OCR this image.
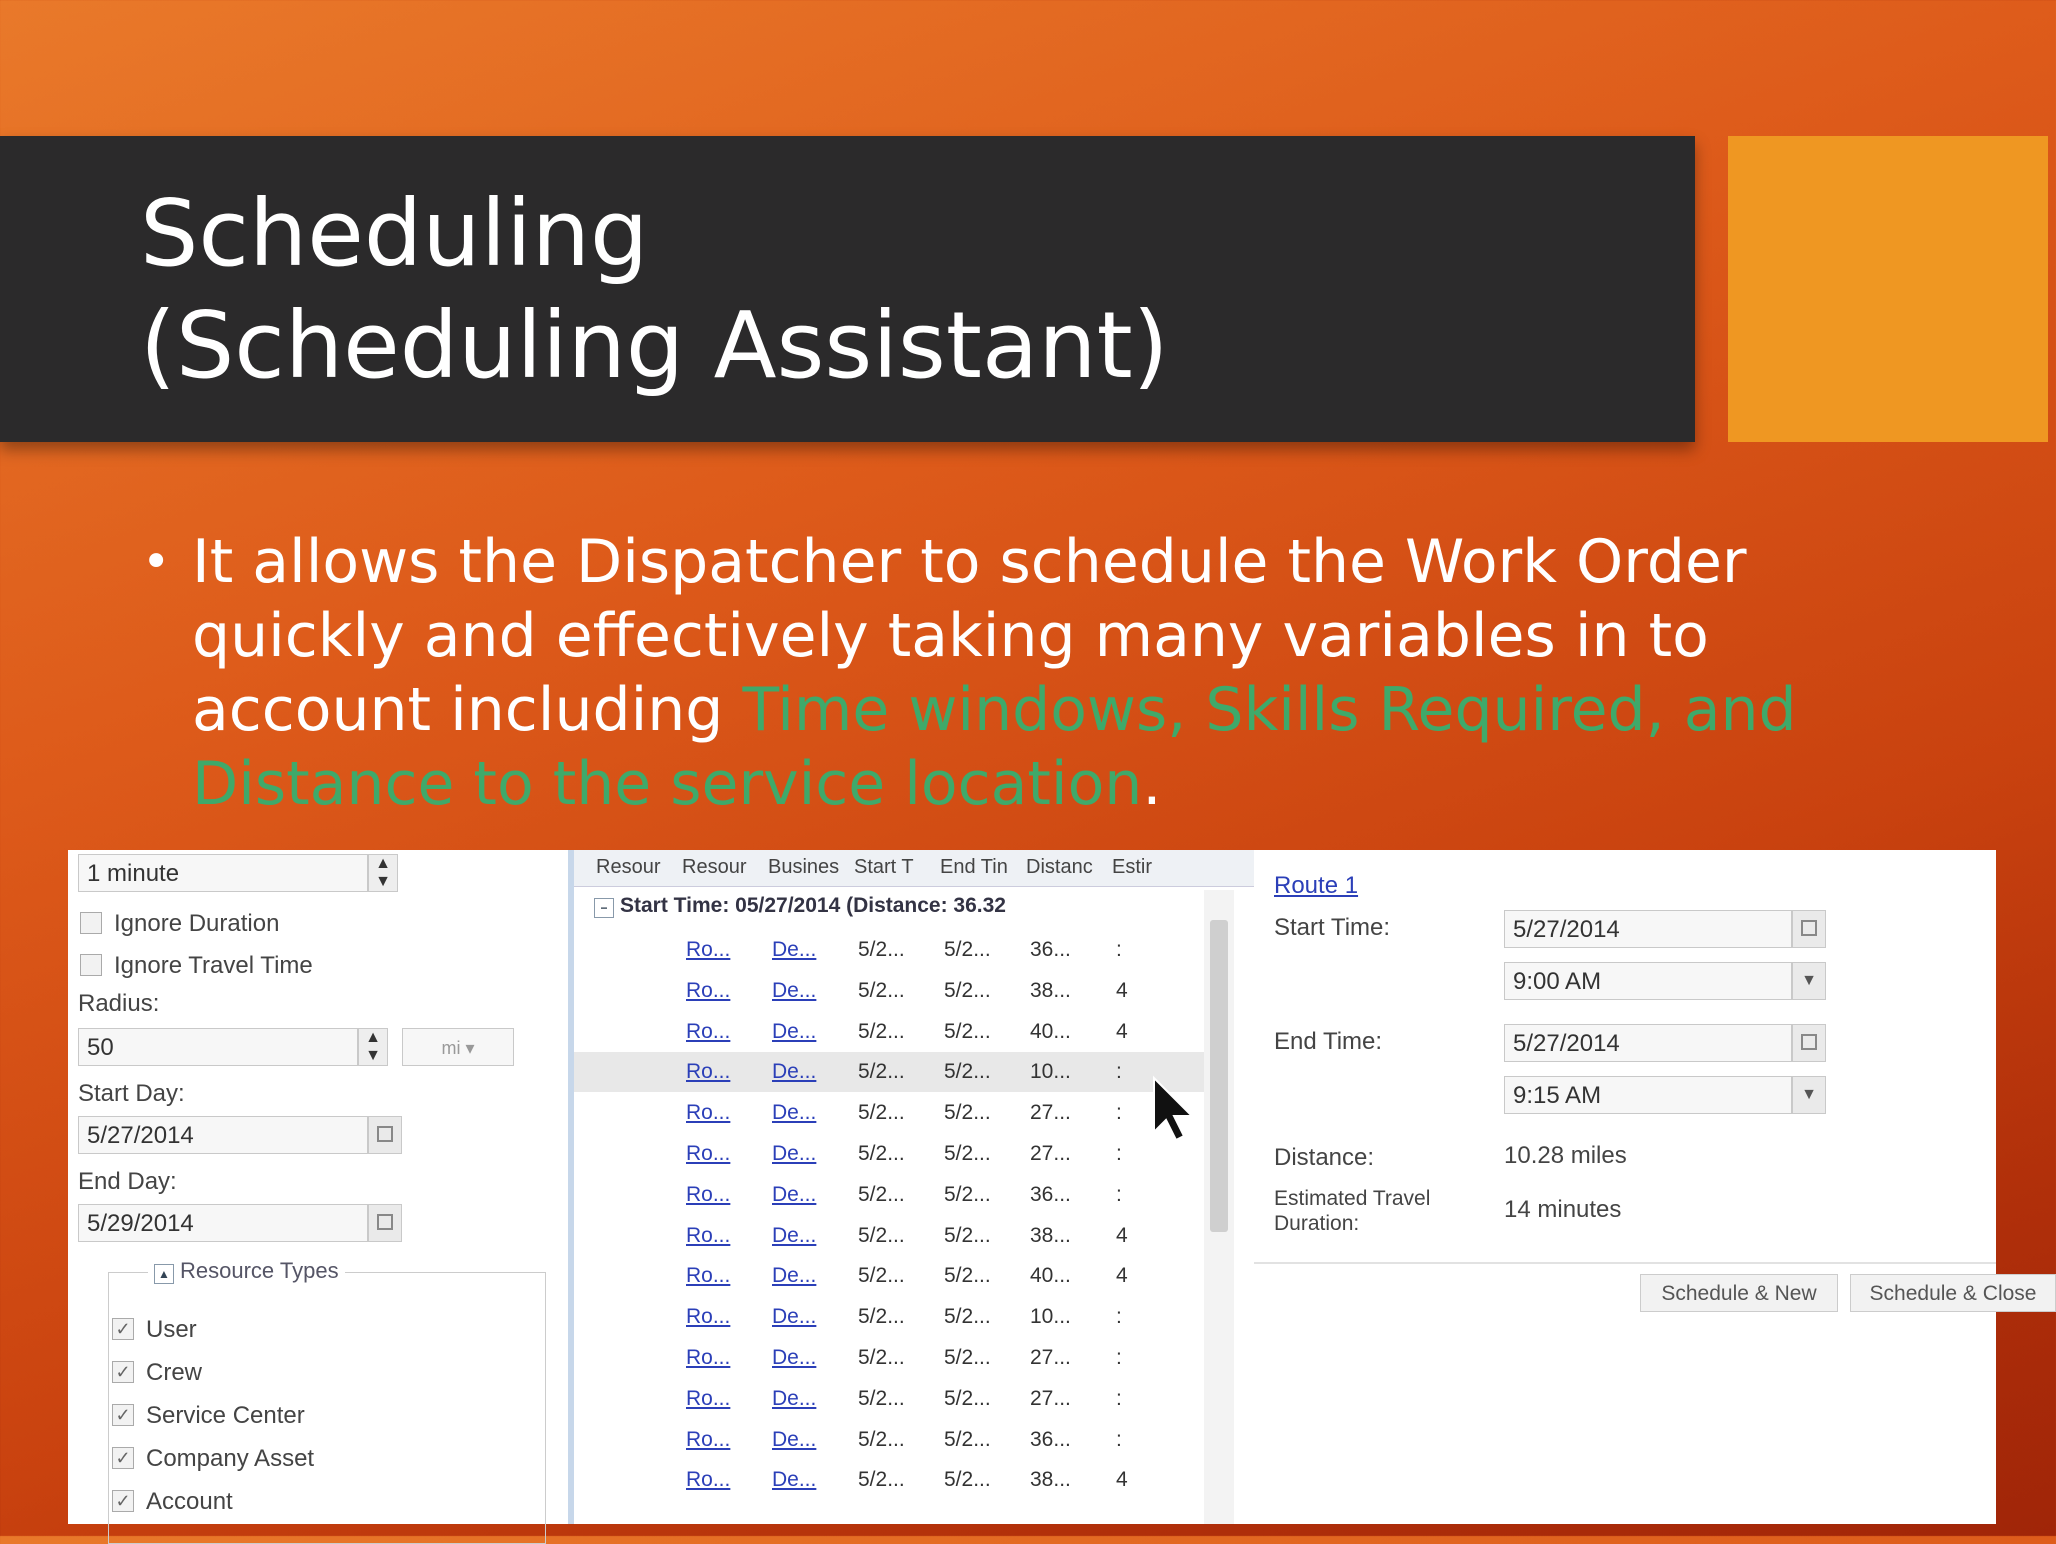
Scheduling
(Scheduling Assistant)
• It allows the Dispatcher to schedule the Work Order quickly and effectively taking many variables in to account including Time windows, Skills Required, and Distance to the service location.
1 minute	▲
▼
Ignore Duration
Ignore Travel Time
Radius:
50	▲
▼	mi ▾
Start Day:
5/27/2014
End Day:
5/29/2014
▲ Resource Types
✓ User
✓ Crew
✓ Service Center
✓ Company Asset
✓ Account
Resour Resour Busines Start T End Tin Distanc Estir
− Start Time: 05/27/2014 (Distance: 36.32
Ro... De... 5/2... 5/2... 36... :
Ro... De... 5/2... 5/2... 38... 4
Ro... De... 5/2... 5/2... 40... 4
Ro... De... 5/2... 5/2... 10... :
Ro... De... 5/2... 5/2... 27... :
Ro... De... 5/2... 5/2... 27... :
Ro... De... 5/2... 5/2... 36... :
Ro... De... 5/2... 5/2... 38... 4
Ro... De... 5/2... 5/2... 40... 4
Ro... De... 5/2... 5/2... 10... :
Ro... De... 5/2... 5/2... 27... :
Ro... De... 5/2... 5/2... 27... :
Ro... De... 5/2... 5/2... 36... :
Ro... De... 5/2... 5/2... 38... 4
Route 1
Start Time:	5/27/2014
9:00 AM	▼
End Time:	5/27/2014
9:15 AM	▼
Distance:	10.28 miles
Estimated Travel
Duration:
14 minutes
Schedule & New	Schedule & Close
